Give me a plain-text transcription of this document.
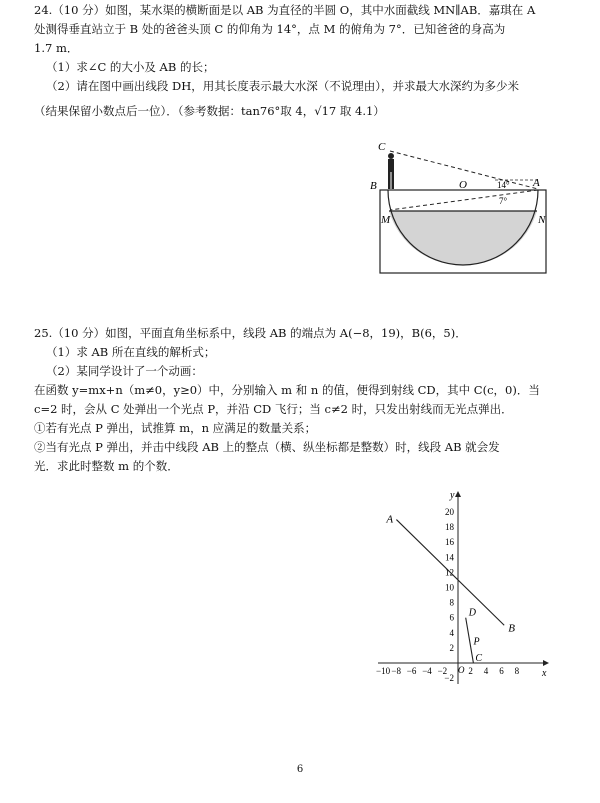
24.（10 分）如图，某水渠的横断面是以 AB 为直径的半圆 O，其中水面截线 MN∥AB．嘉琪在 A
处测得垂直站立于 B 处的爸爸头顶 C 的仰角为 14°，点 M 的俯角为 7°．已知爸爸的身高为
1.7 m．
（1）求∠C 的大小及 AB 的长；
（2）请在图中画出线段 DH，用其长度表示最大水深（不说理由），并求最大水深约为多少米
（结果保留小数点后一位）．（参考数据：tan76°取 4，√17 取 4.1）
C
B	O	A
M	N
14°
7°
25.（10 分）如图，平面直角坐标系中，线段 AB 的端点为 A(−8，19)，B(6，5)．
（1）求 AB 所在直线的解析式；
（2）某同学设计了一个动画：
在函数 y=mx+n（m≠0，y≥0）中，分别输入 m 和 n 的值，便得到射线 CD，其中 C(c，0)．当
c=2 时，会从 C 处弹出一个光点 P，并沿 CD 飞行；当 c≠2 时，只发出射线而无光点弹出．
①若有光点 P 弹出，试推算 m，n 应满足的数量关系；
②当有光点 P 弹出，并击中线段 AB 上的整点（横、纵坐标都是整数）时，线段 AB 就会发
光．求此时整数 m 的个数．
x
y
O
−10 −8 −6 −4 −2 2 4 6 8
20
18
16
14
12
10
8
6
4
2
−2
A
B
C
D
P
6
